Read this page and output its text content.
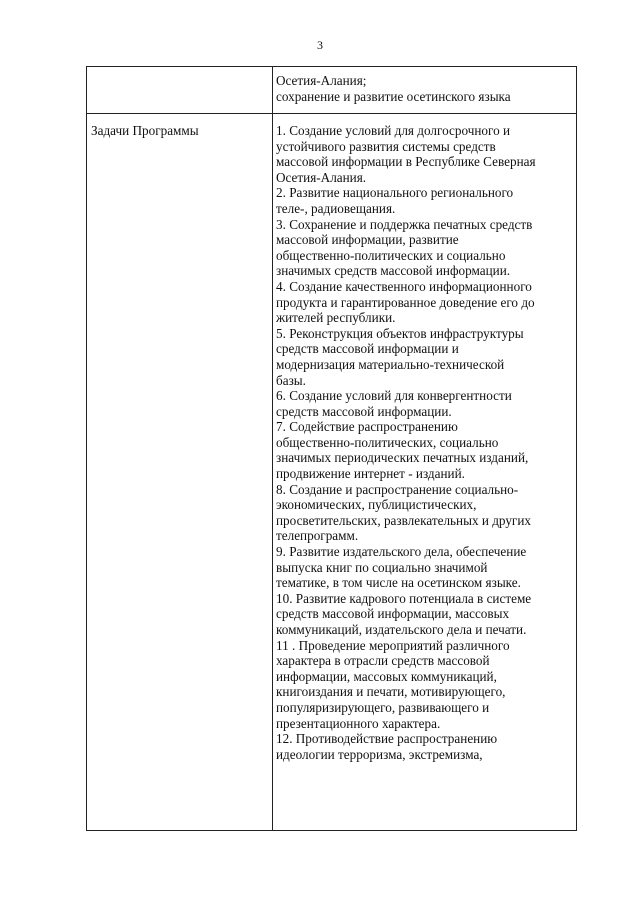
3
Осетия-Алания;
сохранение и развитие осетинского языка
Задачи Программы	1. Создание условий для долгосрочного и
устойчивого развития системы средств
массовой информации в Республике Северная
Осетия-Алания.
2. Развитие национального регионального
теле-, радиовещания.
3. Сохранение и поддержка печатных средств
массовой информации, развитие
общественно-политических и социально
значимых средств массовой информации.
4. Создание качественного информационного
продукта и гарантированное доведение его до
жителей республики.
5. Реконструкция объектов инфраструктуры
средств массовой информации и
модернизация материально-технической
базы.
6. Создание условий для конвергентности
средств массовой информации.
7. Содействие распространению
общественно-политических, социально
значимых периодических печатных изданий,
продвижение интернет - изданий.
8. Создание и распространение социально-
экономических, публицистических,
просветительских, развлекательных и других
телепрограмм.
9. Развитие издательского дела, обеспечение
выпуска книг по социально значимой
тематике, в том числе на осетинском языке.
10. Развитие кадрового потенциала в системе
средств массовой информации, массовых
коммуникаций, издательского дела и печати.
11 . Проведение мероприятий различного
характера в отрасли средств массовой
информации, массовых коммуникаций,
книгоиздания и печати, мотивирующего,
популяризирующего, развивающего и
презентационного характера.
12. Противодействие распространению
идеологии терроризма, экстремизма,
